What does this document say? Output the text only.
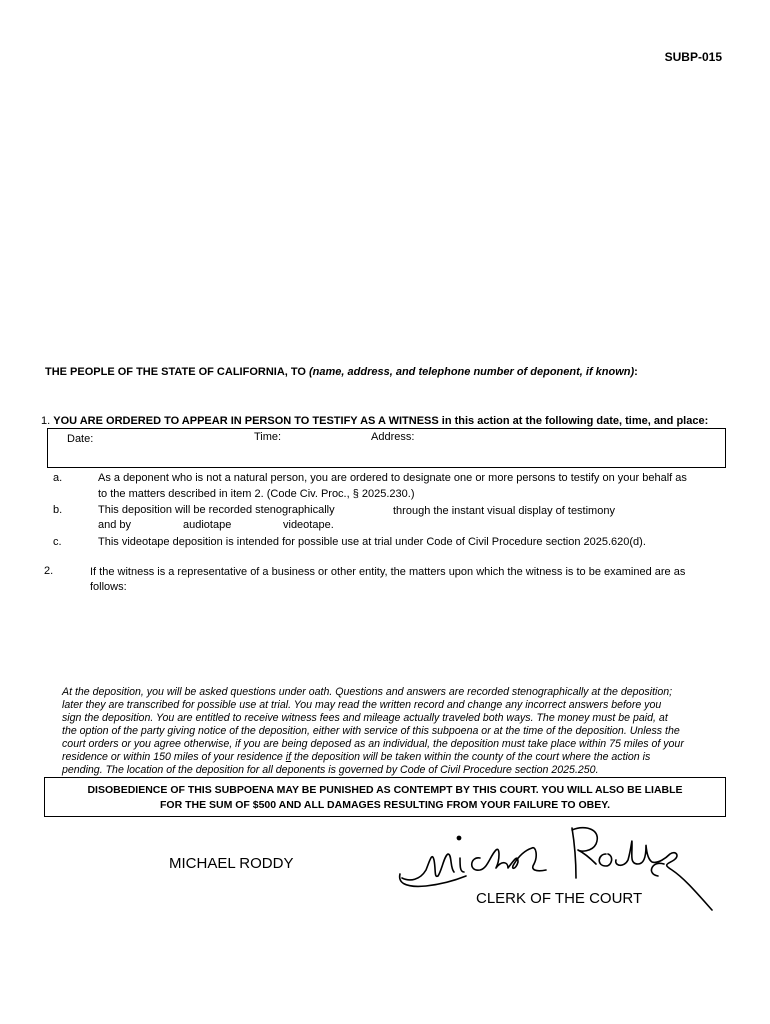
SUBP-015
THE PEOPLE OF THE STATE OF CALIFORNIA, TO (name, address, and telephone number of deponent, if known):
1. YOU ARE ORDERED TO APPEAR IN PERSON TO TESTIFY AS A WITNESS in this action at the following date, time, and place:
Date:	Time:	Address:
a.	As a deponent who is not a natural person, you are ordered to designate one or more persons to testify on your behalf as
to the matters described in item 2. (Code Civ. Proc., § 2025.230.)
b.	This deposition will be recorded stenographically	through the instant visual display of testimony
and by	audiotape	videotape.
c.	This videotape deposition is intended for possible use at trial under Code of Civil Procedure section 2025.620(d).
2.	If the witness is a representative of a business or other entity, the matters upon which the witness is to be examined are as
follows:
At the deposition, you will be asked questions under oath. Questions and answers are recorded stenographically at the deposition;
later they are transcribed for possible use at trial. You may read the written record and change any incorrect answers before you
sign the deposition. You are entitled to receive witness fees and mileage actually traveled both ways. The money must be paid, at
the option of the party giving notice of the deposition, either with service of this subpoena or at the time of the deposition. Unless the
court orders or you agree otherwise, if you are being deposed as an individual, the deposition must take place within 75 miles of your
residence or within 150 miles of your residence if the deposition will be taken within the county of the court where the action is
pending. The location of the deposition for all deponents is governed by Code of Civil Procedure section 2025.250.
DISOBEDIENCE OF THIS SUBPOENA MAY BE PUNISHED AS CONTEMPT BY THIS COURT. YOU WILL ALSO BE LIABLE
FOR THE SUM OF $500 AND ALL DAMAGES RESULTING FROM YOUR FAILURE TO OBEY.
MICHAEL RODDY
CLERK OF THE COURT
